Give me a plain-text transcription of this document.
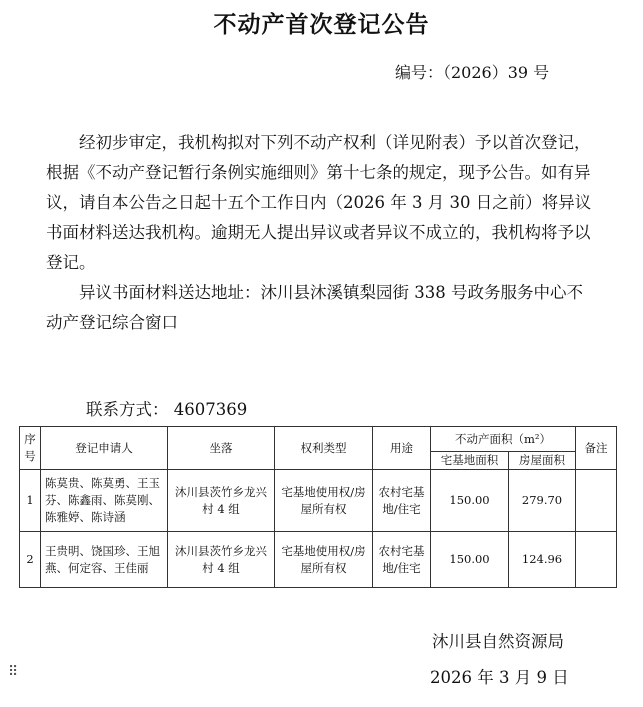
不动产首次登记公告
编号：（2026）39 号

经初步审定，我机构拟对下列不动产权利（详见附表）予以首次登记，根据《不动产登记暂行条例实施细则》第十七条的规定，现予公告。如有异议，请自本公告之日起十五个工作日内（2026 年 3 月 30 日之前）将异议书面材料送达我机构。逾期无人提出异议或者异议不成立的，我机构将予以登记。

异议书面材料送达地址：沐川县沐溪镇梨园街 338 号政务服务中心不动产登记综合窗口

联系方式： 4607369
序号	登记申请人	坐落	权利类型	用途	不动产面积（m²）		备注
					宅基地面积	房屋面积	
1	陈莫贵、陈莫勇、王玉芬、陈鑫雨、陈莫刚、陈雅婷、陈诗涵	沐川县茨竹乡龙兴村 4 组	宅基地使用权/房屋所有权	农村宅基地/住宅	150.00	279.70	
2	王贵明、饶国珍、王旭燕、何定容、王佳丽	沐川县茨竹乡龙兴村 4 组	宅基地使用权/房屋所有权	农村宅基地/住宅	150.00	124.96	
沐川县自然资源局
2026 年 3 月 9 日
⠿
